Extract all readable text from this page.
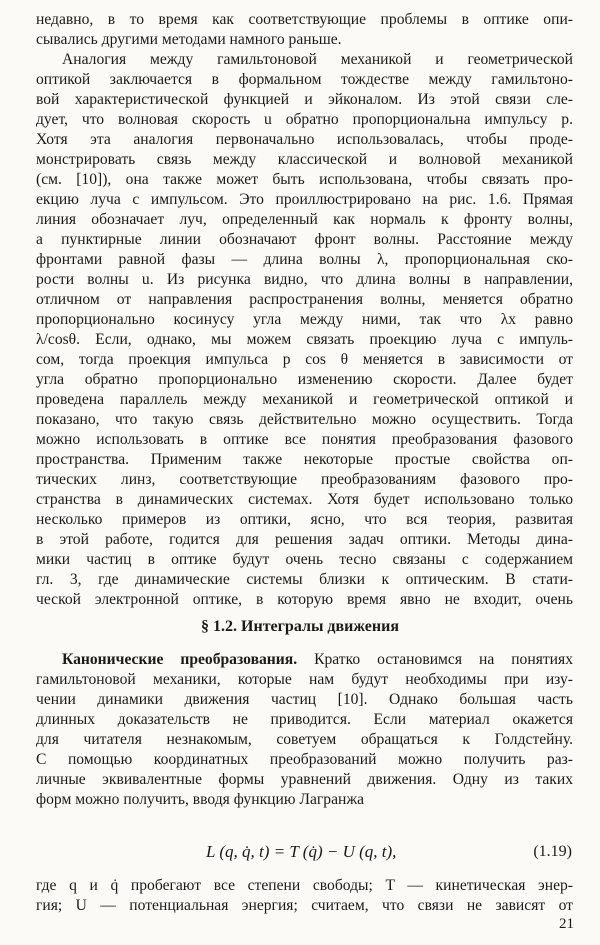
недавно, в то время как соответствующие проблемы в оптике опи-
сывались другими методами намного раньше.
Аналогия между гамильтоновой механикой и геометрической
оптикой заключается в формальном тождестве между гамильтоно-
вой характеристической функцией и эйконалом. Из этой связи сле-
дует, что волновая скорость u обратно пропорциональна импульсу p.
Хотя эта аналогия первоначально использовалась, чтобы проде-
монстрировать связь между классической и волновой механикой
(см. [10]), она также может быть использована, чтобы связать про-
екцию луча с импульсом. Это проиллюстрировано на рис. 1.6. Прямая
линия обозначает луч, определенный как нормаль к фронту волны,
а пунктирные линии обозначают фронт волны. Расстояние между
фронтами равной фазы — длина волны λ, пропорциональная ско-
рости волны u. Из рисунка видно, что длина волны в направлении,
отличном от направления распространения волны, меняется обратно
пропорционально косинусу угла между ними, так что λx равно
λ/cosθ. Если, однако, мы можем связать проекцию луча с импуль-
сом, тогда проекция импульса p cos θ меняется в зависимости от
угла обратно пропорционально изменению скорости. Далее будет
проведена параллель между механикой и геометрической оптикой и
показано, что такую связь действительно можно осуществить. Тогда
можно использовать в оптике все понятия преобразования фазового
пространства. Применим также некоторые простые свойства оп-
тических линз, соответствующие преобразованиям фазового про-
странства в динамических системах. Хотя будет использовано только
несколько примеров из оптики, ясно, что вся теория, развитая
в этой работе, годится для решения задач оптики. Методы дина-
мики частиц в оптике будут очень тесно связаны с содержанием
гл. 3, где динамические системы близки к оптическим. В стати-
ческой электронной оптике, в которую время явно не входит, очень
§ 1.2. Интегралы движения
Канонические преобразования. Кратко остановимся на понятиях
гамильтоновой механики, которые нам будут необходимы при изу-
чении динамики движения частиц [10]. Однако большая часть
длинных доказательств не приводится. Если материал окажется
для читателя незнакомым, советуем обращаться к Голдстейну.
С помощью координатных преобразований можно получить раз-
личные эквивалентные формы уравнений движения. Одну из таких
форм можно получить, вводя функцию Лагранжа
L (q, q̇, t) = T (q̇) − U (q, t),	(1.19)
где q и q̇ пробегают все степени свободы; T — кинетическая энер-
гия; U — потенциальная энергия; считаем, что связи не зависят от
21
